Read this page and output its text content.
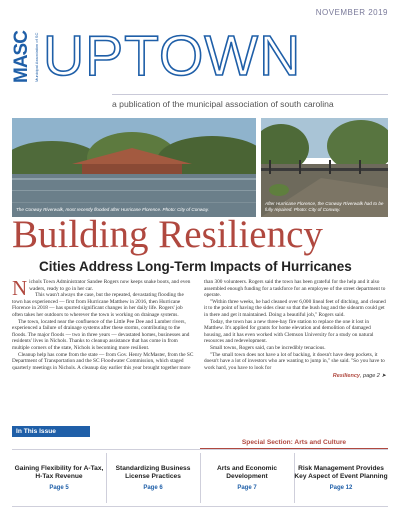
NOVEMBER 2019
MASC Municipal Association of SC UPTOWN
a publication of the municipal association of south carolina
The Conway Riverwalk, most recently flooded after Hurricane Florence. Photo: City of Conway.
After Hurricane Florence, the Conway Riverwalk had to be fully repaired. Photo: City of Conway.
Building Resiliency
Cities Address Long-Term Impacts of Hurricanes

Nichols Town Administrator Sandee Rogers now keeps snake boots, and even waders, ready to go in her car.

This wasn't always the case, but the repeated, devastating flooding the town has experienced — first from Hurricane Matthew in 2016, then Hurricane Florence in 2018 — has spurred significant changes in her daily life. Rogers' job often takes her outdoors to wherever the town is working on drainage systems.

The town, located near the confluence of the Little Pee Dee and Lumber rivers, experienced a failure of drainage systems after these storms, contributing to the floods. The major floods — two in three years — devastated homes, businesses and residents' lives in Nichols. Thanks to cleanup assistance that has come in from multiple corners of the state, Nichols is becoming more resilient.

Cleanup help has come from the state — from Gov. Henry McMaster, from the SC Department of Transportation and the SC Floodwater Commission, which staged quarterly meetings in Nichols. A cleanup day earlier this year brought together more

than 300 volunteers. Rogers said the town has been grateful for the help and it also assembled enough funding for a taskforce for an employee of the street department to operate.

"Within three weeks, he had cleaned over 6,000 lineal feet of ditching, and cleaned it to the point of having the sides clear so that the bush hog and the sidearm could get in there and get it maintained. Doing a beautiful job," Rogers said.

Today, the town has a new three-bay fire station to replace the one it lost in Matthew. It's applied for grants for home elevation and demolition of damaged housing, and it has even worked with Clemson University for a study on natural resources and redevelopment.

Small towns, Rogers said, can be incredibly tenacious.

"The small town does not have a lot of backing, it doesn't have deep pockets, it doesn't have a lot of investors who are wanting to jump in," she said. "So you have to work hard, you have to look for

Resiliency, page 2 ➤
In This Issue
Special Section: Arts and Culture
Gaining Flexibility for A-Tax, H-Tax Revenue
Page 5
Standardizing Business License Practices
Page 6
Arts and Economic Development
Page 7
Risk Management Provides Key Aspect of Event Planning
Page 12
